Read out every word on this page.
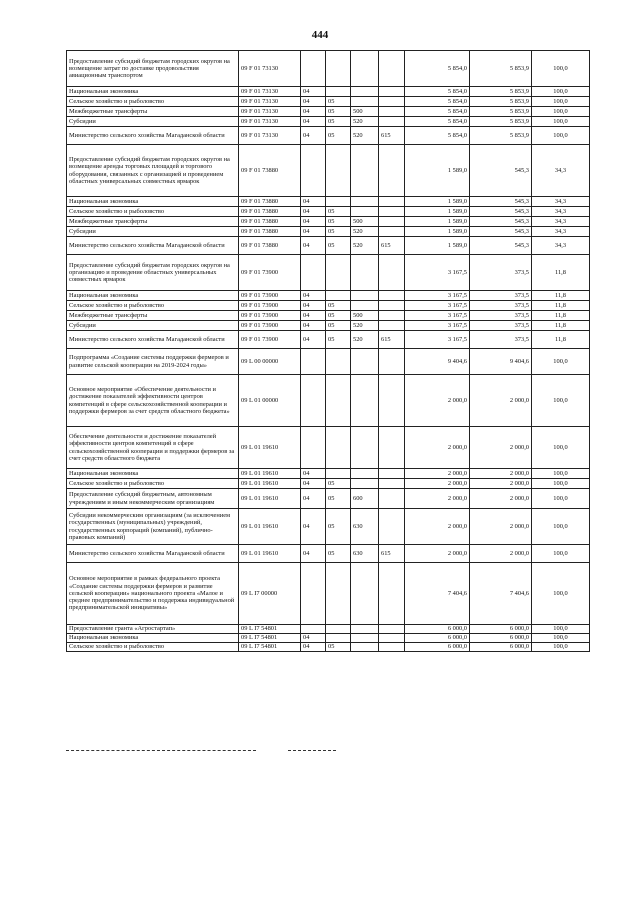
444
Предоставление субсидий бюджетам городских округов на возмещение затрат по доставке продовольствия авиационным транспортом	09 F 01 73130					5 854,0	5 853,9	100,0
Национальная экономика	09 F 01 73130	04				5 854,0	5 853,9	100,0
Сельское хозяйство и рыболовство	09 F 01 73130	04	05			5 854,0	5 853,9	100,0
Межбюджетные трансферты	09 F 01 73130	04	05	500		5 854,0	5 853,9	100,0
Субсидии	09 F 01 73130	04	05	520		5 854,0	5 853,9	100,0
Министерство сельского хозяйства Магаданской области	09 F 01 73130	04	05	520	615	5 854,0	5 853,9	100,0
Предоставление субсидий бюджетам городских округов на возмещение аренды торговых площадей и торгового оборудования, связанных с организацией и проведением областных универсальных совместных ярмарок	09 F 01 73880					1 589,0	545,3	34,3
Национальная экономика	09 F 01 73880	04				1 589,0	545,3	34,3
Сельское хозяйство и рыболовство	09 F 01 73880	04	05			1 589,0	545,3	34,3
Межбюджетные трансферты	09 F 01 73880	04	05	500		1 589,0	545,3	34,3
Субсидии	09 F 01 73880	04	05	520		1 589,0	545,3	34,3
Министерство сельского хозяйства Магаданской области	09 F 01 73880	04	05	520	615	1 589,0	545,3	34,3
Предоставление субсидий бюджетам городских округов на организацию и проведение областных универсальных совместных ярмарок	09 F 01 73900					3 167,5	373,5	11,8
Национальная экономика	09 F 01 73900	04				3 167,5	373,5	11,8
Сельское хозяйство и рыболовство	09 F 01 73900	04	05			3 167,5	373,5	11,8
Межбюджетные трансферты	09 F 01 73900	04	05	500		3 167,5	373,5	11,8
Субсидии	09 F 01 73900	04	05	520		3 167,5	373,5	11,8
Министерство сельского хозяйства Магаданской области	09 F 01 73900	04	05	520	615	3 167,5	373,5	11,8
Подпрограмма «Создание системы поддержки фермеров и развитие сельской кооперации на 2019-2024 годы»	09 L 00 00000					9 404,6	9 404,6	100,0
Основное мероприятие «Обеспечение деятельности и достижение показателей эффективности центров компетенций в сфере сельскохозяйственной кооперации и поддержки фермеров за счет средств областного бюджета»	09 L 01 00000					2 000,0	2 000,0	100,0
Обеспечение деятельности и достижение показателей эффективности центров компетенций в сфере сельскохозяйственной кооперации и поддержки фермеров за счет средств областного бюджета	09 L 01 19610					2 000,0	2 000,0	100,0
Национальная экономика	09 L 01 19610	04				2 000,0	2 000,0	100,0
Сельское хозяйство и рыболовство	09 L 01 19610	04	05			2 000,0	2 000,0	100,0
Предоставление субсидий бюджетным, автономным учреждениям и иным некоммерческим организациям	09 L 01 19610	04	05	600		2 000,0	2 000,0	100,0
Субсидии некоммерческим организациям (за исключением государственных (муниципальных) учреждений, государственных корпораций (компаний), публично-правовых компаний)	09 L 01 19610	04	05	630		2 000,0	2 000,0	100,0
Министерство сельского хозяйства Магаданской области	09 L 01 19610	04	05	630	615	2 000,0	2 000,0	100,0
Основное мероприятие в рамках федерального проекта «Создание системы поддержки фермеров и развитие сельской кооперации» национального проекта «Малое и среднее предпринимательство и поддержка индивидуальной предпринимательской инициативы»	09 L I7 00000					7 404,6	7 404,6	100,0
Предоставление гранта «Агростартап»	09 L I7 54801					6 000,0	6 000,0	100,0
Национальная экономика	09 L I7 54801	04				6 000,0	6 000,0	100,0
Сельское хозяйство и рыболовство	09 L I7 54801	04	05			6 000,0	6 000,0	100,0
